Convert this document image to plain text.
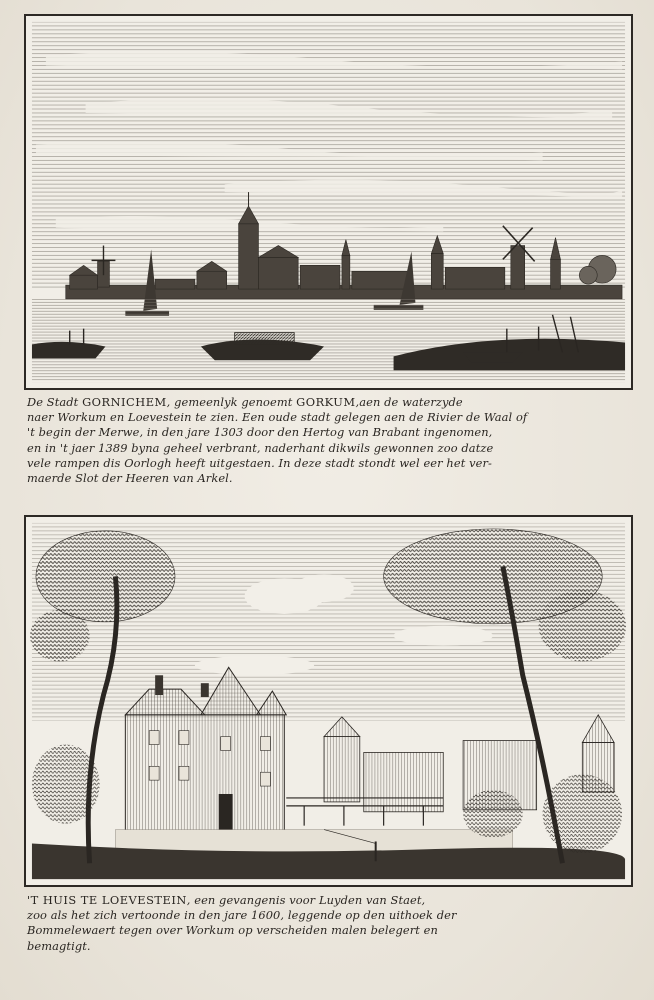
De Stadt GORNICHEM, gemeenlyk genoemt GORKUM,aen de waterzyde
naer Workum en Loevestein te zien. Een oude stadt gelegen aen de Rivier de Waal of
't begin der Merwe, in den jare 1303 door den Hertog van Brabant ingenomen,
en in 't jaer 1389 byna geheel verbrant, naderhant dikwils gewonnen zoo datze
vele rampen dis Oorlogh heeft uitgestaen. In deze stadt stondt wel eer het ver-
maerde Slot der Heeren van Arkel.
'T HUIS TE LOEVESTEIN, een gevangenis voor Luyden van Staet,
zoo als het zich vertoonde in den jare 1600, leggende op den uithoek der
Bommelewaert tegen over Workum op verscheiden malen belegert en
bemagtigt.
